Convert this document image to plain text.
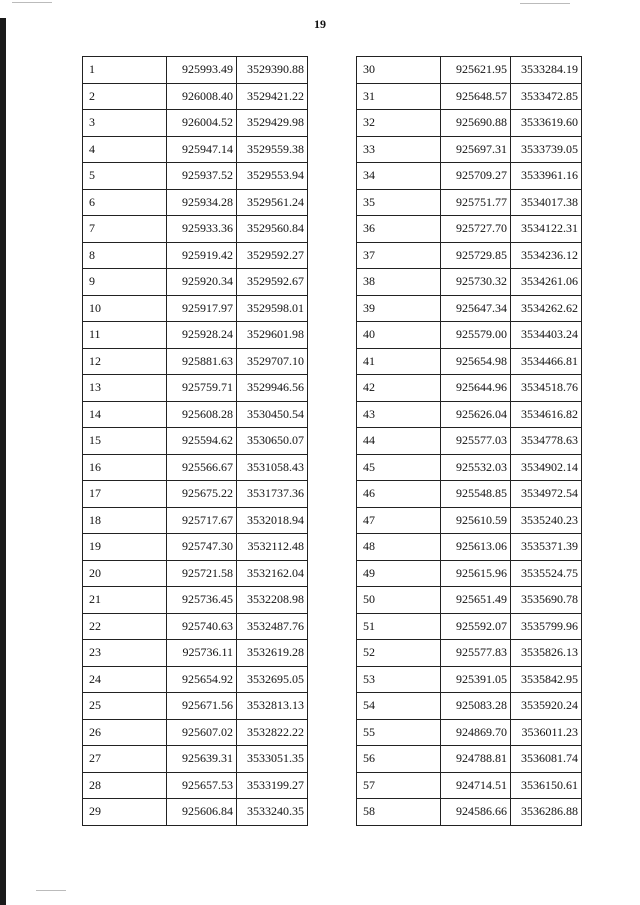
19
1	925993.49	3529390.88
2	926008.40	3529421.22
3	926004.52	3529429.98
4	925947.14	3529559.38
5	925937.52	3529553.94
6	925934.28	3529561.24
7	925933.36	3529560.84
8	925919.42	3529592.27
9	925920.34	3529592.67
10	925917.97	3529598.01
11	925928.24	3529601.98
12	925881.63	3529707.10
13	925759.71	3529946.56
14	925608.28	3530450.54
15	925594.62	3530650.07
16	925566.67	3531058.43
17	925675.22	3531737.36
18	925717.67	3532018.94
19	925747.30	3532112.48
20	925721.58	3532162.04
21	925736.45	3532208.98
22	925740.63	3532487.76
23	925736.11	3532619.28
24	925654.92	3532695.05
25	925671.56	3532813.13
26	925607.02	3532822.22
27	925639.31	3533051.35
28	925657.53	3533199.27
29	925606.84	3533240.35
30	925621.95	3533284.19
31	925648.57	3533472.85
32	925690.88	3533619.60
33	925697.31	3533739.05
34	925709.27	3533961.16
35	925751.77	3534017.38
36	925727.70	3534122.31
37	925729.85	3534236.12
38	925730.32	3534261.06
39	925647.34	3534262.62
40	925579.00	3534403.24
41	925654.98	3534466.81
42	925644.96	3534518.76
43	925626.04	3534616.82
44	925577.03	3534778.63
45	925532.03	3534902.14
46	925548.85	3534972.54
47	925610.59	3535240.23
48	925613.06	3535371.39
49	925615.96	3535524.75
50	925651.49	3535690.78
51	925592.07	3535799.96
52	925577.83	3535826.13
53	925391.05	3535842.95
54	925083.28	3535920.24
55	924869.70	3536011.23
56	924788.81	3536081.74
57	924714.51	3536150.61
58	924586.66	3536286.88
